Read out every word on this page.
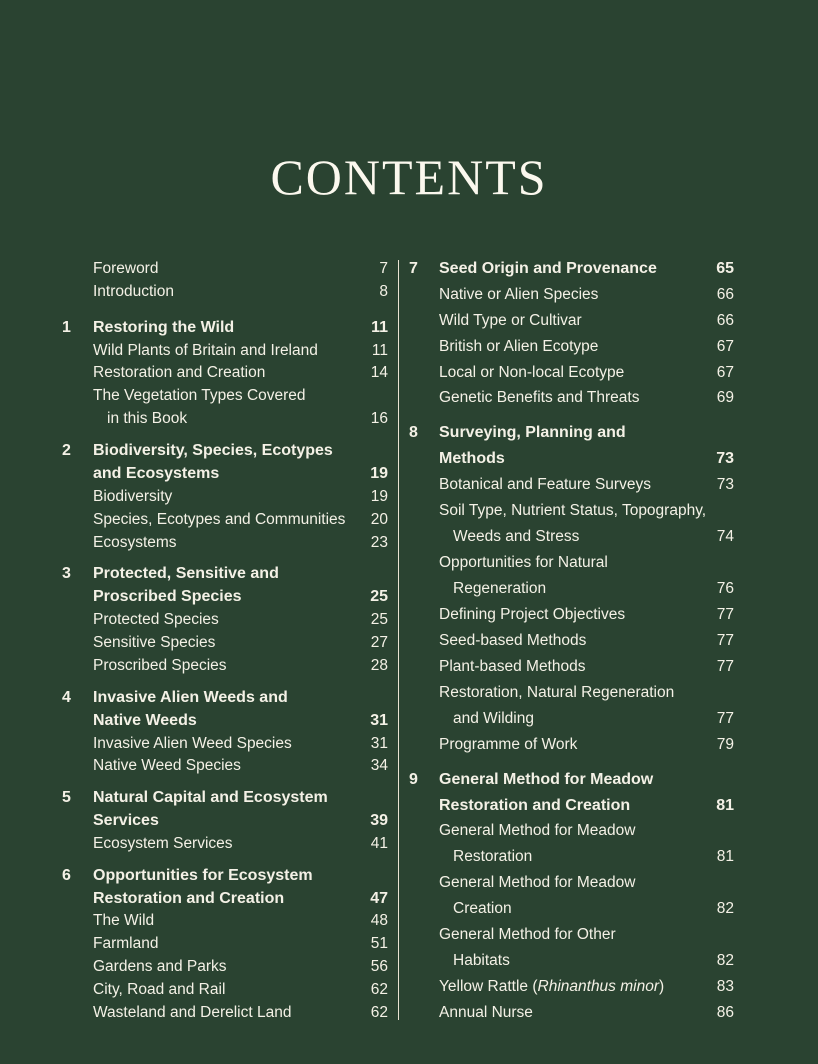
CONTENTS
Foreword	7
Introduction	8
1 Restoring the Wild	11
Wild Plants of Britain and Ireland	11
Restoration and Creation	14
The Vegetation Types Covered
in this Book	16
2 Biodiversity, Species, Ecotypes
and Ecosystems	19
Biodiversity	19
Species, Ecotypes and Communities	20
Ecosystems	23
3 Protected, Sensitive and
Proscribed Species	25
Protected Species	25
Sensitive Species	27
Proscribed Species	28
4 Invasive Alien Weeds and
Native Weeds	31
Invasive Alien Weed Species	31
Native Weed Species	34
5 Natural Capital and Ecosystem
Services	39
Ecosystem Services	41
6 Opportunities for Ecosystem
Restoration and Creation	47
The Wild	48
Farmland	51
Gardens and Parks	56
City, Road and Rail	62
Wasteland and Derelict Land	62
7 Seed Origin and Provenance	65
Native or Alien Species	66
Wild Type or Cultivar	66
British or Alien Ecotype	67
Local or Non-local Ecotype	67
Genetic Benefits and Threats	69
8 Surveying, Planning and
Methods	73
Botanical and Feature Surveys	73
Soil Type, Nutrient Status, Topography,
Weeds and Stress	74
Opportunities for Natural
Regeneration	76
Defining Project Objectives	77
Seed-based Methods	77
Plant-based Methods	77
Restoration, Natural Regeneration
and Wilding	77
Programme of Work	79
9 General Method for Meadow
Restoration and Creation	81
General Method for Meadow
Restoration	81
General Method for Meadow
Creation	82
General Method for Other
Habitats	82
Yellow Rattle (Rhinanthus minor)	83
Annual Nurse	86
